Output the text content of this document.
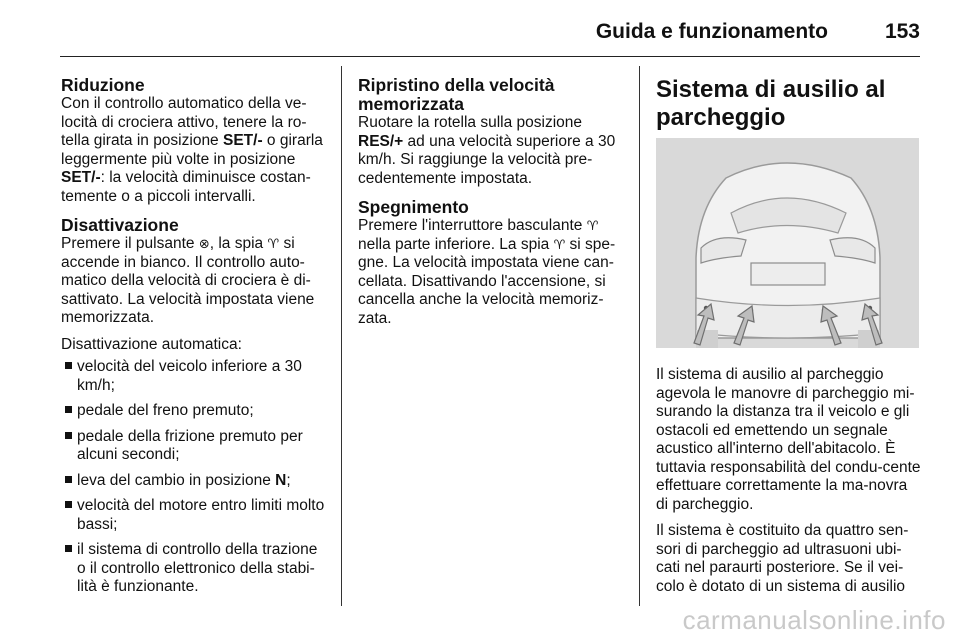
Guida e funzionamento	153
Riduzione

Con il controllo automatico della ve-locità di crociera attivo, tenere la ro-tella girata in posizione SET/- o girarla leggermente più volte in posizione SET/-: la velocità diminuisce costan-temente o a piccoli intervalli.

Disattivazione

Premere il pulsante ⊗, la spia ♈ si accende in bianco. Il controllo auto-matico della velocità di crociera è di-sattivato. La velocità impostata viene memorizzata.

Disattivazione automatica:

velocità del veicolo inferiore a 30 km/h;
pedale del freno premuto;
pedale della frizione premuto per alcuni secondi;
leva del cambio in posizione N;
velocità del motore entro limiti molto bassi;
il sistema di controllo della trazione o il controllo elettronico della stabi-lità è funzionante.
Ripristino della velocità memorizzata

Ruotare la rotella sulla posizione RES/+ ad una velocità superiore a 30 km/h. Si raggiunge la velocità pre-cedentemente impostata.

Spegnimento

Premere l'interruttore basculante ♈ nella parte inferiore. La spia ♈ si spe-gne. La velocità impostata viene can-cellata. Disattivando l'accensione, si cancella anche la velocità memoriz-zata.

Sistema di ausilio al parcheggio

Il sistema di ausilio al parcheggio agevola le manovre di parcheggio mi-surando la distanza tra il veicolo e gli ostacoli ed emettendo un segnale acustico all'interno dell'abitacolo. È tuttavia responsabilità del condu-cente effettuare correttamente la ma-novra di parcheggio.

Il sistema è costituito da quattro sen-sori di parcheggio ad ultrasuoni ubi-cati nel paraurti posteriore. Se il vei-colo è dotato di un sistema di ausilio

carmanualsonline.info
